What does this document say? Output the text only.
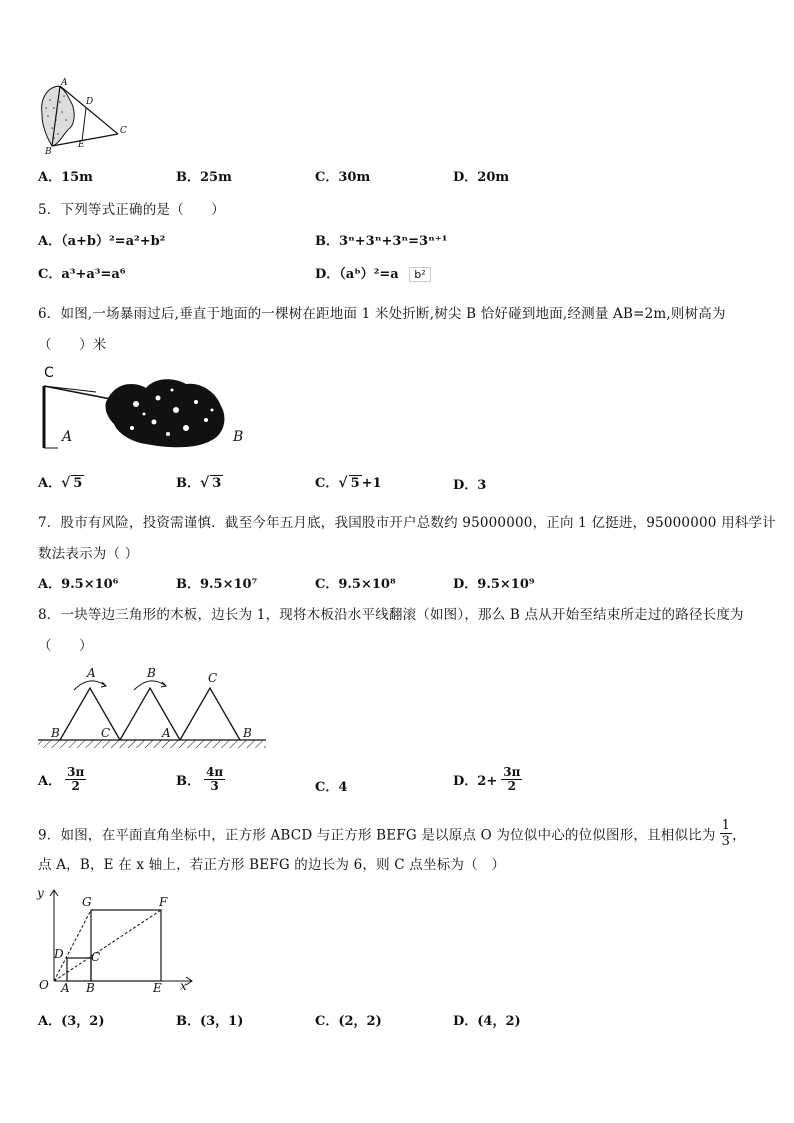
A
D
C
E
B
A．15m	B．25m	C．30m	D．20m
5．下列等式正确的是（　　）
A．（a+b）²=a²+b²	B．3ⁿ+3ⁿ+3ⁿ=3ⁿ⁺¹
C．a³+a³=a⁶	D．（aᵇ）²=a b²
6．如图,一场暴雨过后,垂直于地面的一棵树在距地面 1 米处折断,树尖 B 恰好碰到地面,经测量 AB=2m,则树高为
（　　）米
C
A	B
A．√ 5	B．√ 3	C．√ 5 +1	D．3
7．股市有风险，投资需谨慎．截至今年五月底，我国股市开户总数约 95000000，正向 1 亿挺进，95000000 用科学计
数法表示为（ ）
A．9.5×10⁶	B．9.5×10⁷	C．9.5×10⁸	D．9.5×10⁹
8．一块等边三角形的木板，边长为 1，现将木板沿水平线翻滚（如图），那么 B 点从开始至结束所走过的路径长度为
（　　）
A	B	C
B	C	A	B
A． $\frac{3\pi}{2}$	B． $\frac{4\pi}{3}$	C．4	D．$2+ \frac{3\pi}{2}$
9．如图，在平面直角坐标中，正方形 ABCD 与正方形 BEFG 是以原点 O 为位似中心的位似图形，且相似比为 $\frac{1}{3}$ ，
点 A，B，E 在 x 轴上，若正方形 BEFG 的边长为 6，则 C 点坐标为（　）
y
G	F
D C
O A B	E x
A．(3，2)	B．(3，1)	C．(2，2)	D．(4，2)
